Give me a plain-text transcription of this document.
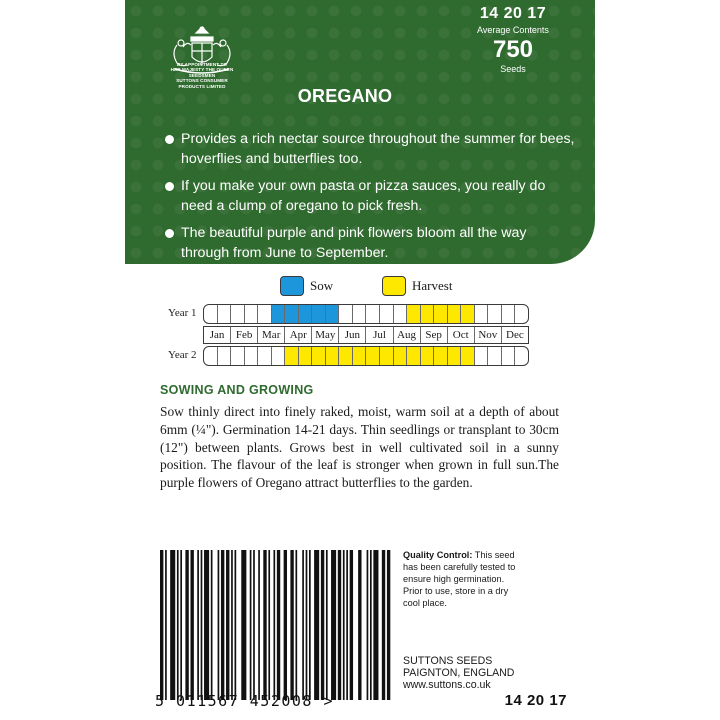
BY APPOINTMENT TO
HER MAJESTY THE QUEEN
SEEDSMEN
SUTTONS CONSUMER
PRODUCTS LIMITED
14 20 17
Average Contents
750
Seeds
OREGANO
Provides a rich nectar source throughout the summer for bees, hoverflies and butterflies too.
If you make your own pasta or pizza sauces, you really do need a clump of oregano to pick fresh.
The beautiful purple and pink flowers bloom all the way through from June to September.
Sow	Harvest
Year 1
Jan	Feb Mar Apr May Jun	Jul	Aug Sep Oct Nov Dec
Year 2
SOWING AND GROWING

Sow thinly direct into finely raked, moist, warm soil at a depth of about 6mm (¼"). Germination 14-21 days. Thin seedlings or transplant to 30cm (12") between plants. Grows best in well cultivated soil in a sunny position. The flavour of the leaf is stronger when grown in full sun.The purple flowers of Oregano attract butterflies to the garden.

5 011567 452008 >
Quality Control: This seed has been carefully tested to ensure high germination. Prior to use, store in a dry cool place.
SUTTONS SEEDS
PAIGNTON, ENGLAND
www.suttons.co.uk
14 20 17
